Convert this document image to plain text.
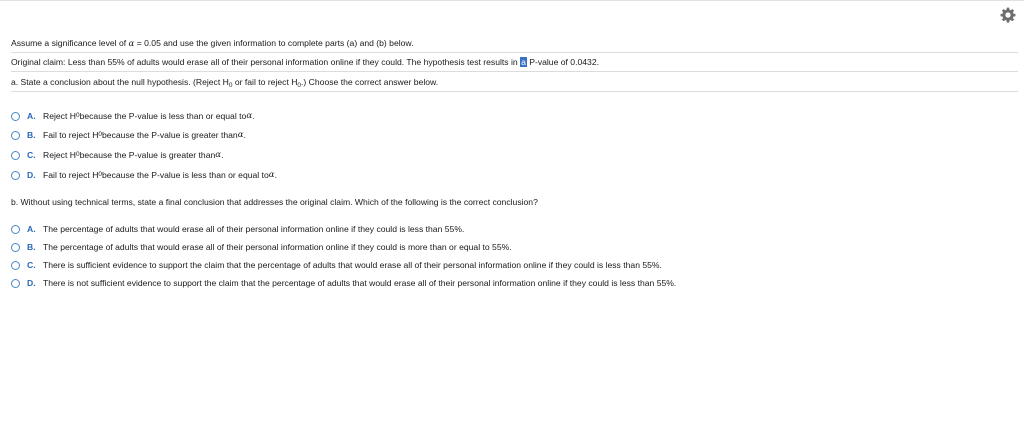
Assume a significance level of α = 0.05 and use the given information to complete parts (a) and (b) below.
Original claim: Less than 55% of adults would erase all of their personal information online if they could. The hypothesis test results in a P-value of 0.0432.
a. State a conclusion about the null hypothesis. (Reject $H_0$ or fail to reject $H_0$.) Choose the correct answer below.
A. Reject H 0 because the P-value is less than or equal to α .
B. Fail to reject H 0 because the P-value is greater than α .
C. Reject H 0 because the P-value is greater than α .
D. Fail to reject H 0 because the P-value is less than or equal to α .
b. Without using technical terms, state a final conclusion that addresses the original claim. Which of the following is the correct conclusion?
A. The percentage of adults that would erase all of their personal information online if they could is less than 55%.
B. The percentage of adults that would erase all of their personal information online if they could is more than or equal to 55%.
C. There is sufficient evidence to support the claim that the percentage of adults that would erase all of their personal information online if they could is less than 55%.
D. There is not sufficient evidence to support the claim that the percentage of adults that would erase all of their personal information online if they could is less than 55%.
